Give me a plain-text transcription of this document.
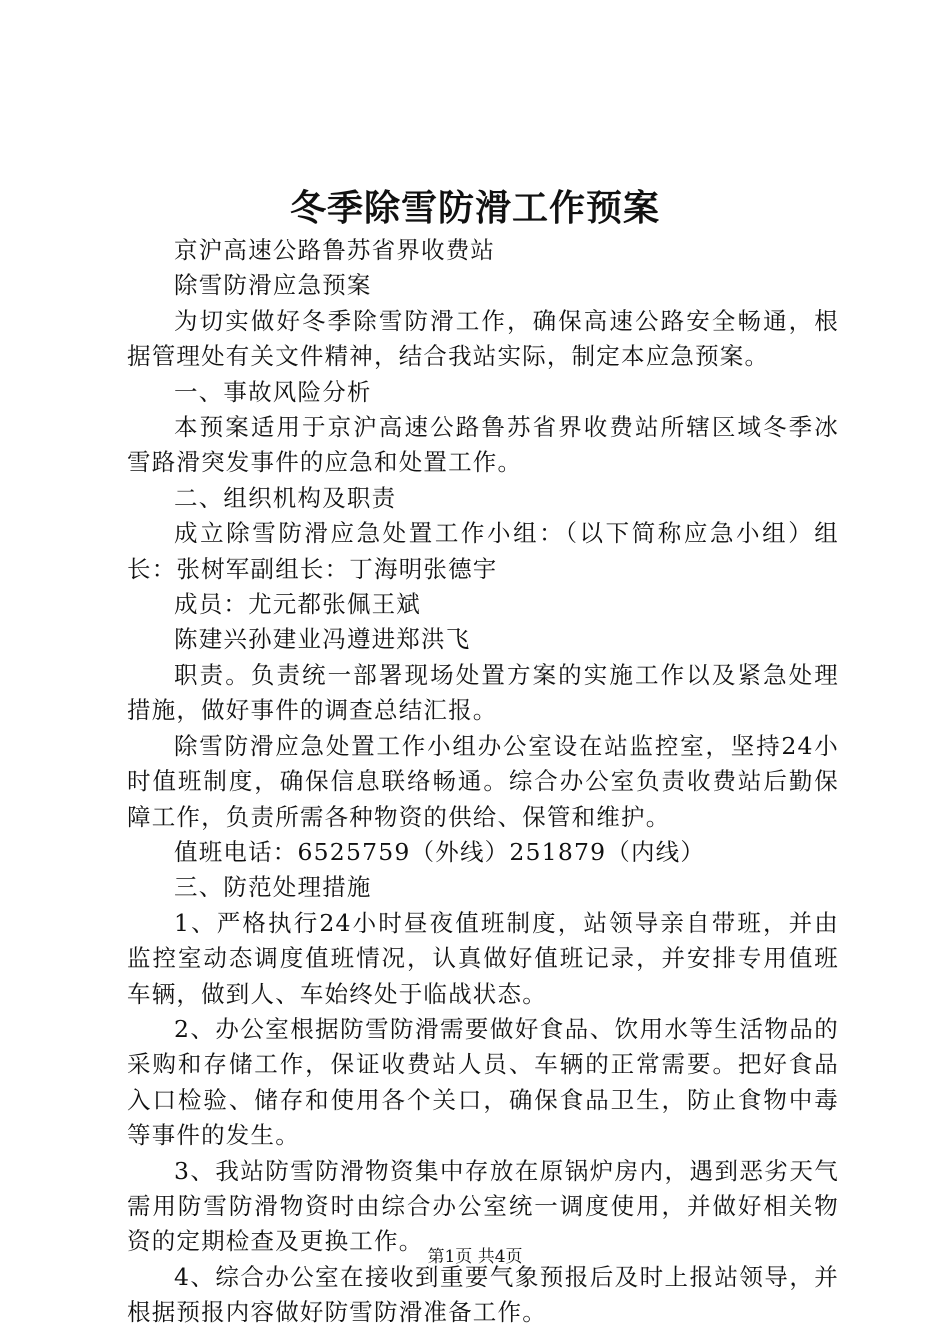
冬季除雪防滑工作预案

京沪高速公路鲁苏省界收费站

除雪防滑应急预案

为切实做好冬季除雪防滑工作，确保高速公路安全畅通，根据管理处有关文件精神，结合我站实际，制定本应急预案。

一、事故风险分析

本预案适用于京沪高速公路鲁苏省界收费站所辖区域冬季冰雪路滑突发事件的应急和处置工作。

二、组织机构及职责

成立除雪防滑应急处置工作小组：（以下简称应急小组）组长：张树军副组长：丁海明张德宇

成员：尤元都张佩王斌

陈建兴孙建业冯遵进郑洪飞

职责。负责统一部署现场处置方案的实施工作以及紧急处理措施，做好事件的调查总结汇报。

除雪防滑应急处置工作小组办公室设在站监控室，坚持24小时值班制度，确保信息联络畅通。综合办公室负责收费站后勤保障工作，负责所需各种物资的供给、保管和维护。

值班电话：6525759（外线）251879（内线）

三、防范处理措施

1、严格执行24小时昼夜值班制度，站领导亲自带班，并由监控室动态调度值班情况，认真做好值班记录，并安排专用值班车辆，做到人、车始终处于临战状态。

2、办公室根据防雪防滑需要做好食品、饮用水等生活物品的采购和存储工作，保证收费站人员、车辆的正常需要。把好食品入口检验、储存和使用各个关口，确保食品卫生，防止食物中毒等事件的发生。

3、我站防雪防滑物资集中存放在原锅炉房内，遇到恶劣天气需用防雪防滑物资时由综合办公室统一调度使用，并做好相关物资的定期检查及更换工作。

4、综合办公室在接收到重要气象预报后及时上报站领导，并根据预报内容做好防雪防滑准备工作。

第1页 共4页
